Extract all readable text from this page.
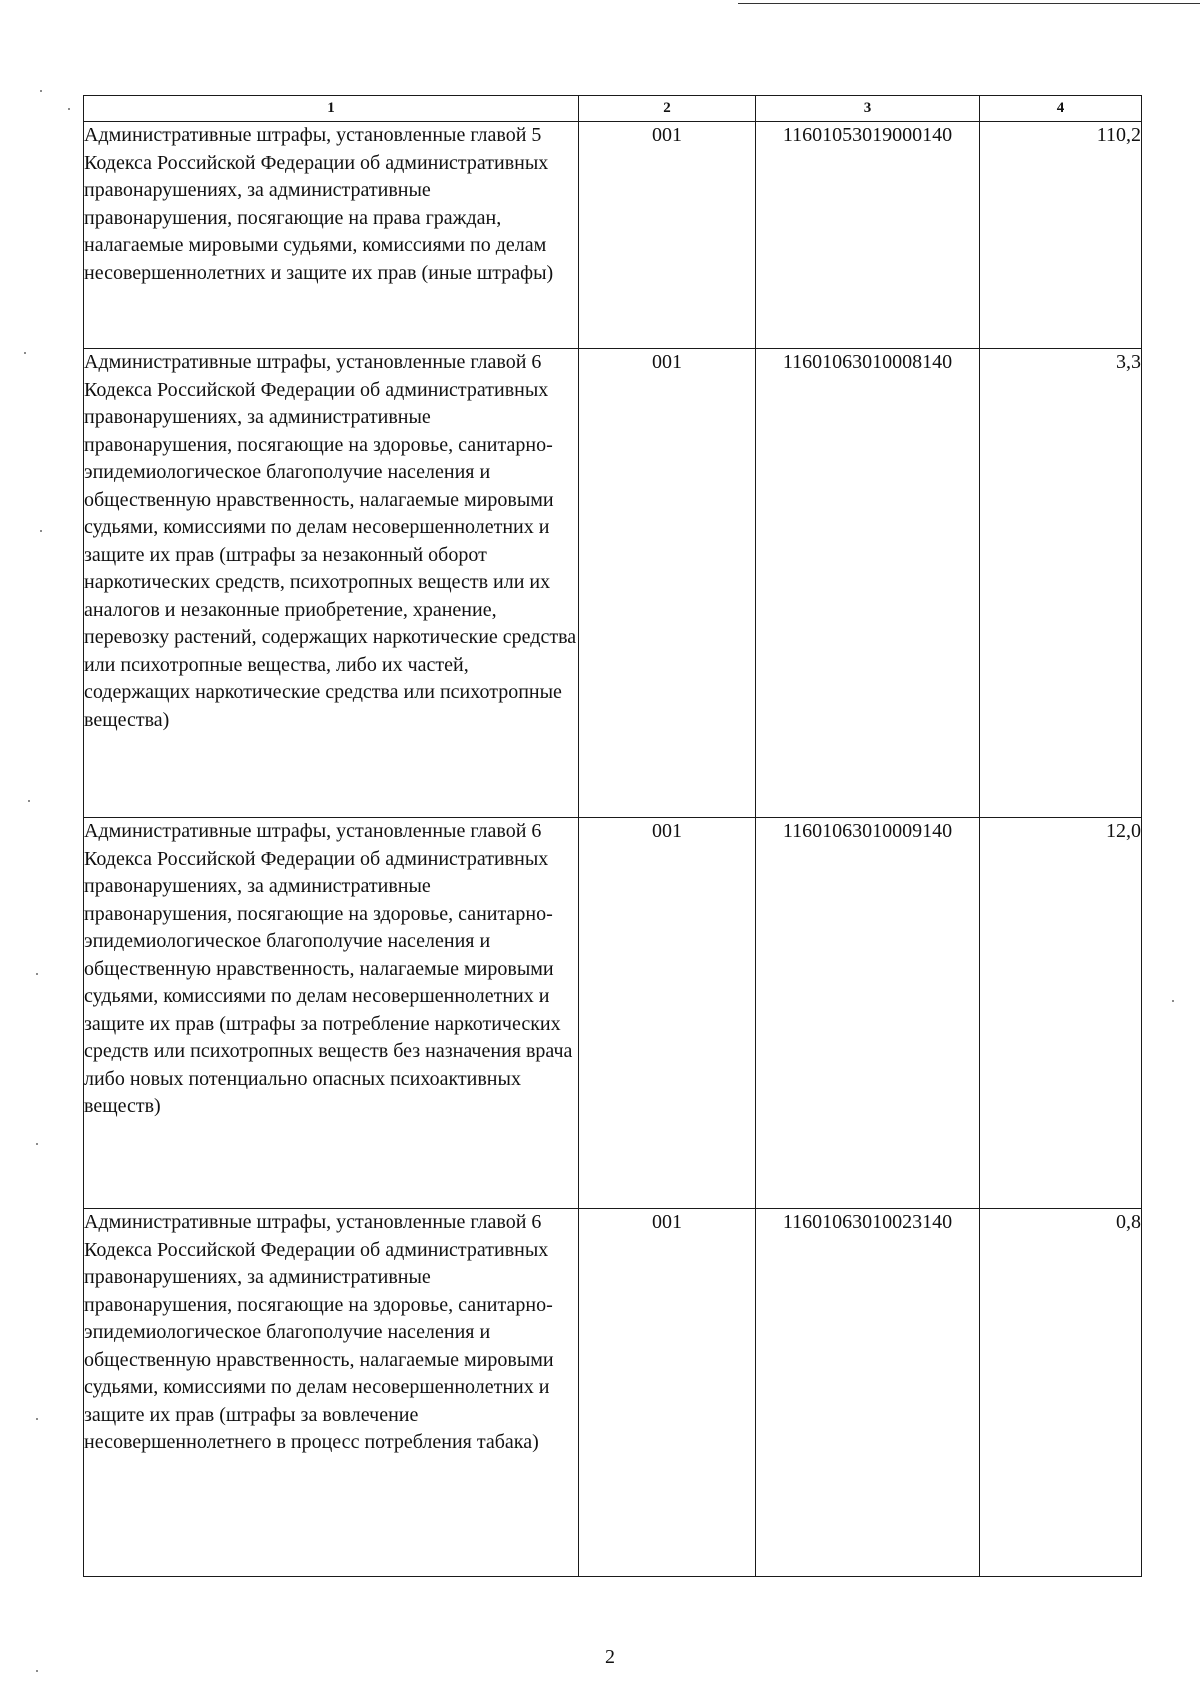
1	2	3	4
Административные штрафы, установленные главой 5 Кодекса Российской Федерации об административных правонарушениях, за административные правонарушения, посягающие на права граждан, налагаемые мировыми судьями, комиссиями по делам несовершеннолетних и защите их прав (иные штрафы)	001	11601053019000140	110,2
Административные штрафы, установленные главой 6 Кодекса Российской Федерации об административных правонарушениях, за административные правонарушения, посягающие на здоровье, санитарно-эпидемиологическое благополучие населения и общественную нравственность, налагаемые мировыми судьями, комиссиями по делам несовершеннолетних и защите их прав (штрафы за незаконный оборот наркотических средств, психотропных веществ или их аналогов и незаконные приобретение, хранение, перевозку растений, содержащих наркотические средства или психотропные вещества, либо их частей, содержащих наркотические средства или психотропные вещества)	001	11601063010008140	3,3
Административные штрафы, установленные главой 6 Кодекса Российской Федерации об административных правонарушениях, за административные правонарушения, посягающие на здоровье, санитарно-эпидемиологическое благополучие населения и общественную нравственность, налагаемые мировыми судьями, комиссиями по делам несовершеннолетних и защите их прав (штрафы за потребление наркотических средств или психотропных веществ без назначения врача либо новых потенциально опасных психоактивных веществ)	001	11601063010009140	12,0
Административные штрафы, установленные главой 6 Кодекса Российской Федерации об административных правонарушениях, за административные правонарушения, посягающие на здоровье, санитарно-эпидемиологическое благополучие населения и общественную нравственность, налагаемые мировыми судьями, комиссиями по делам несовершеннолетних и защите их прав (штрафы за вовлечение несовершеннолетнего в процесс потребления табака)	001	11601063010023140	0,8
2
